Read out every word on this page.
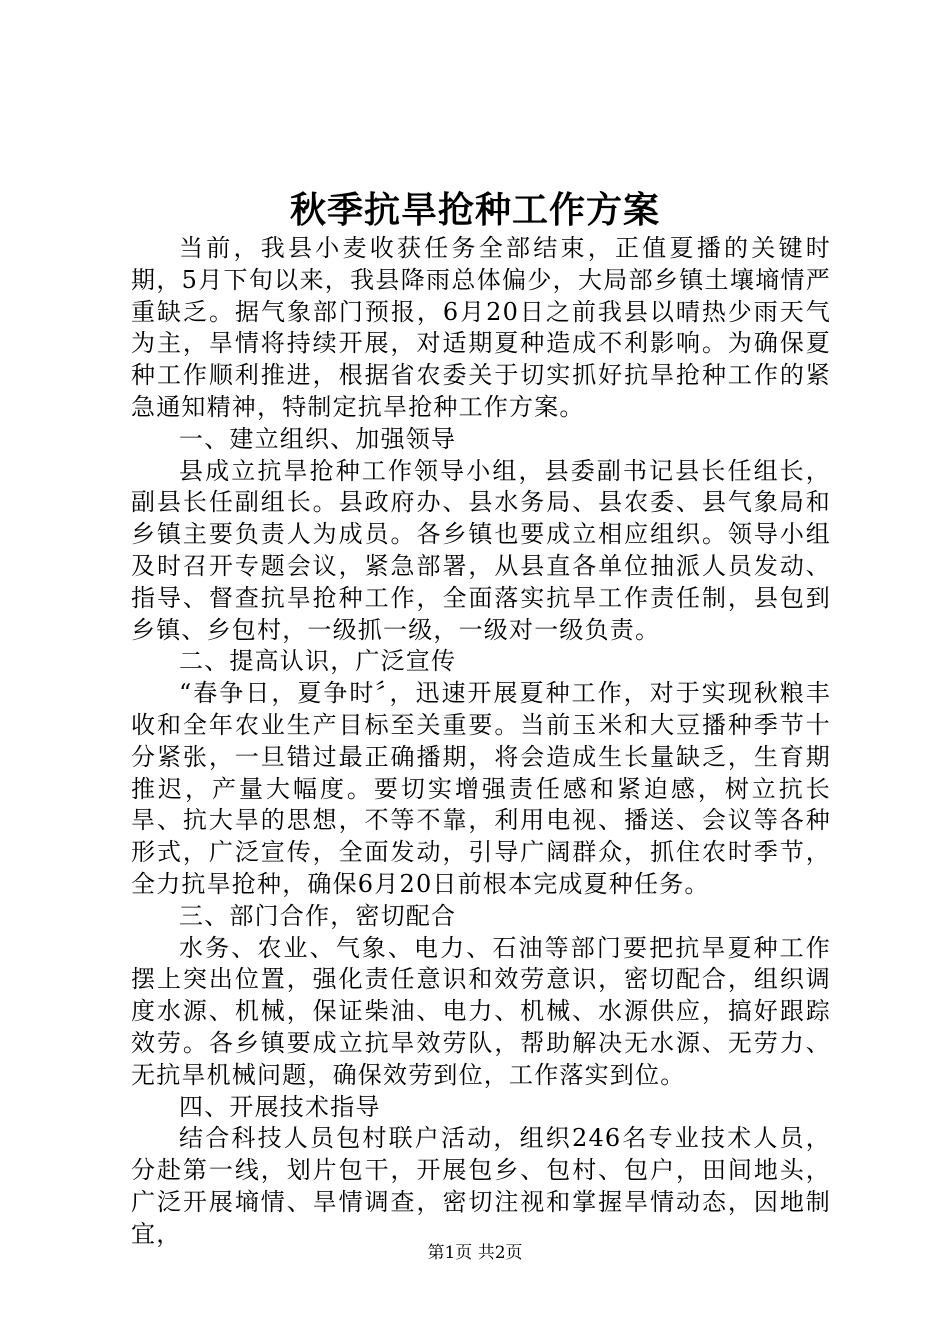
秋季抗旱抢种工作方案

当前，我县小麦收获任务全部结束，正值夏播的关键时期，5月下旬以来，我县降雨总体偏少，大局部乡镇土壤墒情严重缺乏。据气象部门预报，6月20日之前我县以晴热少雨天气为主，旱情将持续开展，对适期夏种造成不利影响。为确保夏种工作顺利推进，根据省农委关于切实抓好抗旱抢种工作的紧急通知精神，特制定抗旱抢种工作方案。

一、建立组织、加强领导

县成立抗旱抢种工作领导小组，县委副书记县长任组长，副县长任副组长。县政府办、县水务局、县农委、县气象局和乡镇主要负责人为成员。各乡镇也要成立相应组织。领导小组及时召开专题会议，紧急部署，从县直各单位抽派人员发动、指导、督查抗旱抢种工作，全面落实抗旱工作责任制，县包到乡镇、乡包村，一级抓一级，一级对一级负责。

二、提高认识，广泛宣传

“春争日，夏争时〞，迅速开展夏种工作，对于实现秋粮丰收和全年农业生产目标至关重要。当前玉米和大豆播种季节十分紧张，一旦错过最正确播期，将会造成生长量缺乏，生育期推迟，产量大幅度。要切实增强责任感和紧迫感，树立抗长旱、抗大旱的思想，不等不靠，利用电视、播送、会议等各种形式，广泛宣传，全面发动，引导广阔群众，抓住农时季节，全力抗旱抢种，确保6月20日前根本完成夏种任务。

三、部门合作，密切配合

水务、农业、气象、电力、石油等部门要把抗旱夏种工作摆上突出位置，强化责任意识和效劳意识，密切配合，组织调度水源、机械，保证柴油、电力、机械、水源供应，搞好跟踪效劳。各乡镇要成立抗旱效劳队，帮助解决无水源、无劳力、无抗旱机械问题，确保效劳到位，工作落实到位。

四、开展技术指导

结合科技人员包村联户活动，组织246名专业技术人员，分赴第一线，划片包干，开展包乡、包村、包户，田间地头，广泛开展墒情、旱情调查，密切注视和掌握旱情动态，因地制宜，

第1页 共2页
